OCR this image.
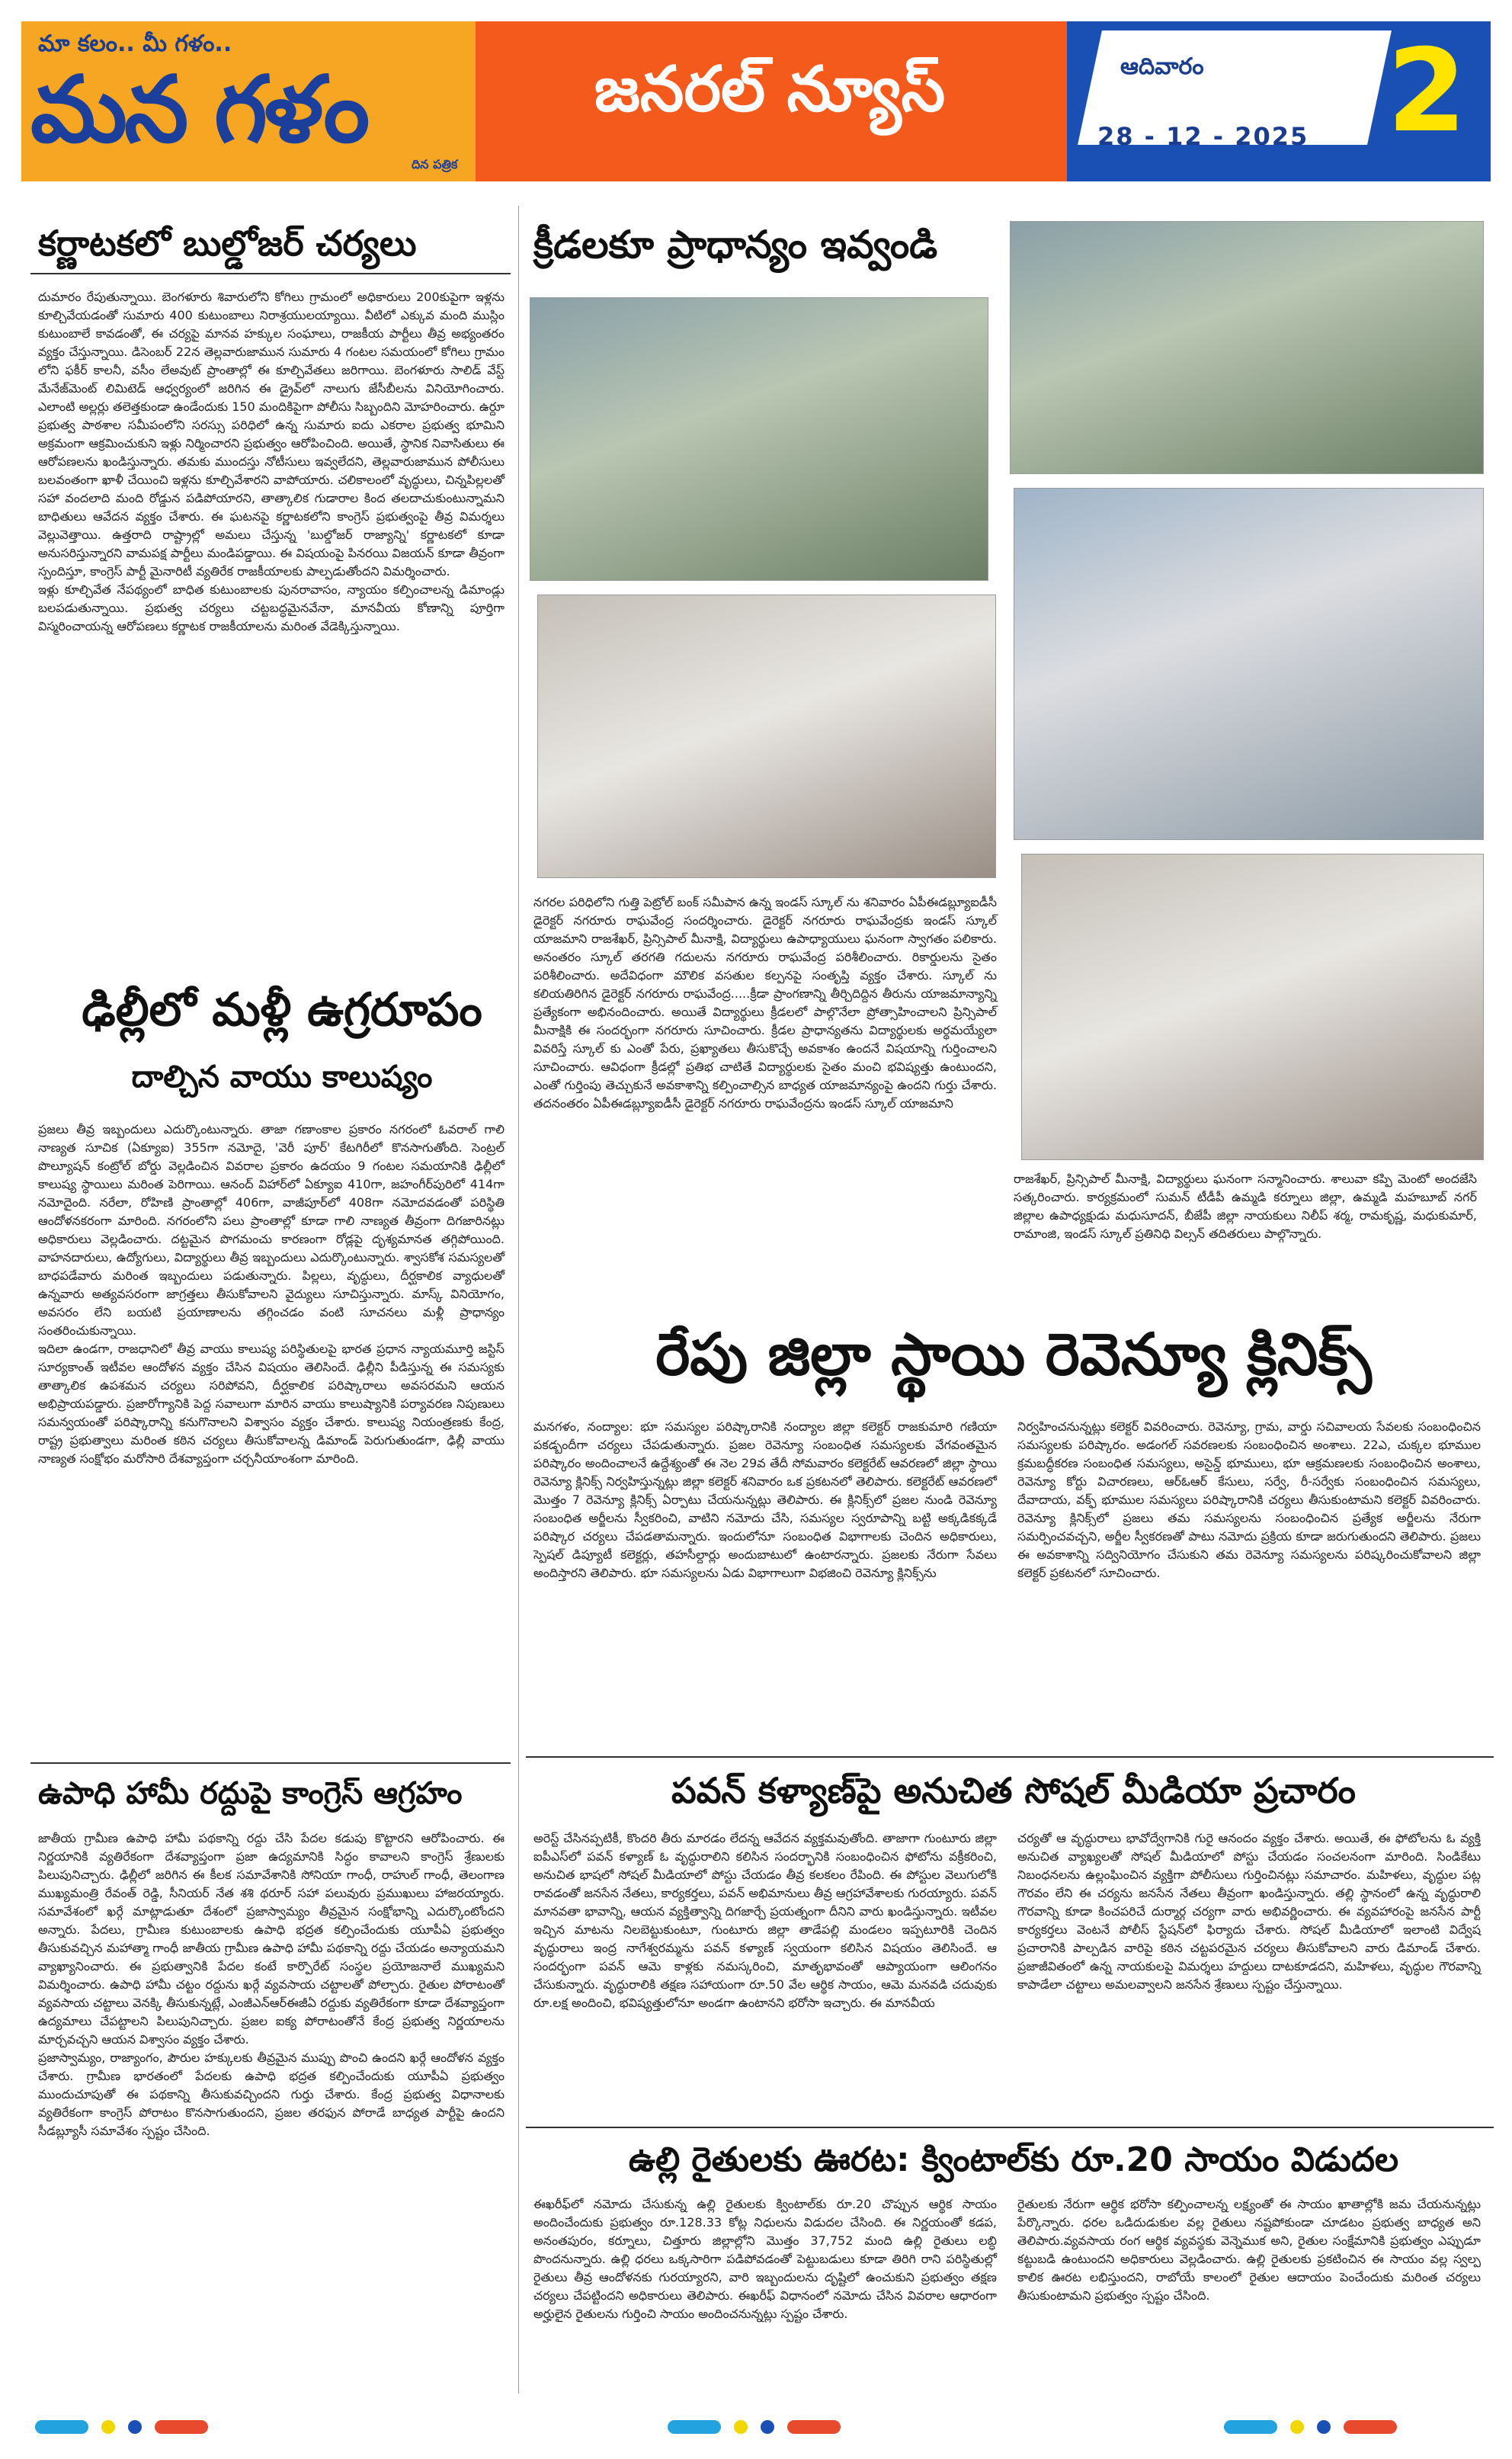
మా కలం.. మీ గళం..
మన గళం
దిన పత్రిక
జనరల్ న్యూస్	ఆదివారం
28 - 12 - 2025 2
కర్ణాటకలో బుల్డోజర్ చర్యలు
దుమారం రేపుతున్నాయి. బెంగళూరు శివారులోని కోగిలు గ్రామంలో అధికారులు 200కుపైగా ఇళ్లను కూల్చివేయడంతో సుమారు 400 కుటుంబాలు నిరాశ్రయులయ్యాయి. వీటిలో ఎక్కువ మంది ముస్లిం కుటుంబాలే కావడంతో, ఈ చర్యపై మానవ హక్కుల సంఘాలు, రాజకీయ పార్టీలు తీవ్ర అభ్యంతరం వ్యక్తం చేస్తున్నాయి. డిసెంబర్ 22న తెల్లవారుజామున సుమారు 4 గంటల సమయంలో కోగిలు గ్రామం లోని ఫకీర్ కాలనీ, వసీం లేఅవుట్ ప్రాంతాల్లో ఈ కూల్చివేతలు జరిగాయి. బెంగళూరు సాలిడ్ వేస్ట్ మేనేజ్‌మెంట్ లిమిటెడ్ ఆధ్వర్యంలో జరిగిన ఈ డ్రైవ్‌లో నాలుగు జేసీబీలను వినియోగించారు. ఎలాంటి అల్లర్లు తలెత్తకుండా ఉండేందుకు 150 మందికిపైగా పోలీసు సిబ్బందిని మోహరించారు. ఉర్దూ ప్రభుత్వ పాఠశాల సమీపంలోని సరస్సు పరిధిలో ఉన్న సుమారు ఐదు ఎకరాల ప్రభుత్వ భూమిని అక్రమంగా ఆక్రమించుకుని ఇళ్లు నిర్మించారని ప్రభుత్వం ఆరోపించింది. అయితే, స్థానిక నివాసితులు ఈ ఆరోపణలను ఖండిస్తున్నారు. తమకు ముందస్తు నోటీసులు ఇవ్వలేదని, తెల్లవారుజామున పోలీసులు బలవంతంగా ఖాళీ చేయించి ఇళ్లను కూల్చివేశారని వాపోయారు. చలికాలంలో వృద్ధులు, చిన్నపిల్లలతో సహా వందలాది మంది రోడ్డున పడిపోయారని, తాత్కాలిక గుడారాల కింద తలదాచుకుంటున్నామని బాధితులు ఆవేదన వ్యక్తం చేశారు. ఈ ఘటనపై కర్ణాటకలోని కాంగ్రెస్ ప్రభుత్వంపై తీవ్ర విమర్శలు వెల్లువెత్తాయి. ఉత్తరాది రాష్ట్రాల్లో అమలు చేస్తున్న 'బుల్డోజర్ రాజ్యాన్ని' కర్ణాటకలో కూడా అనుసరిస్తున్నారని వామపక్ష పార్టీలు మండిపడ్డాయి. ఈ విషయంపై పినరయి విజయన్ కూడా తీవ్రంగా స్పందిస్తూ, కాంగ్రెస్ పార్టీ మైనారిటీ వ్యతిరేక రాజకీయాలకు పాల్పడుతోందని విమర్శించారు.
ఇళ్లు కూల్చివేత నేపథ్యంలో బాధిత కుటుంబాలకు పునరావాసం, న్యాయం కల్పించాలన్న డిమాండ్లు బలపడుతున్నాయి. ప్రభుత్వ చర్యలు చట్టబద్ధమైనవేనా, మానవీయ కోణాన్ని పూర్తిగా విస్మరించాయన్న ఆరోపణలు కర్ణాటక రాజకీయాలను మరింత వేడెక్కిస్తున్నాయి.
ఢిల్లీలో మళ్లీ ఉగ్రరూపం
దాల్చిన వాయు కాలుష్యం
ప్రజలు తీవ్ర ఇబ్బందులు ఎదుర్కొంటున్నారు. తాజా గణాంకాల ప్రకారం నగరంలో ఓవరాల్ గాలి నాణ్యత సూచిక (ఏక్యూఐ) 355గా నమోదై, 'వెరీ పూర్' కేటగిరీలో కొనసాగుతోంది. సెంట్రల్ పొల్యూషన్ కంట్రోల్ బోర్డు వెల్లడించిన వివరాల ప్రకారం ఉదయం 9 గంటల సమయానికి ఢిల్లీలో కాలుష్య స్థాయిలు మరింత పెరిగాయి. ఆనంద్ విహార్‌లో ఏక్యూఐ 410గా, జహంగీర్‌పురిలో 414గా నమోదైంది. నరేలా, రోహిణి ప్రాంతాల్లో 406గా, వాజీపూర్‌లో 408గా నమోదవడంతో పరిస్థితి ఆందోళనకరంగా మారింది. నగరంలోని పలు ప్రాంతాల్లో కూడా గాలి నాణ్యత తీవ్రంగా దిగజారినట్లు అధికారులు వెల్లడించారు. దట్టమైన పొగమంచు కారణంగా రోడ్లపై దృశ్యమానత తగ్గిపోయింది. వాహనదారులు, ఉద్యోగులు, విద్యార్థులు తీవ్ర ఇబ్బందులు ఎదుర్కొంటున్నారు. శ్వాసకోశ సమస్యలతో బాధపడేవారు మరింత ఇబ్బందులు పడుతున్నారు. పిల్లలు, వృద్ధులు, దీర్ఘకాలిక వ్యాధులతో ఉన్నవారు అత్యవసరంగా జాగ్రత్తలు తీసుకోవాలని వైద్యులు సూచిస్తున్నారు. మాస్క్ వినియోగం, అవసరం లేని బయటి ప్రయాణాలను తగ్గించడం వంటి సూచనలు మళ్లీ ప్రాధాన్యం సంతరించుకున్నాయి.
ఇదిలా ఉండగా, రాజధానిలో తీవ్ర వాయు కాలుష్య పరిస్థితులపై భారత ప్రధాన న్యాయమూర్తి జస్టిస్ సూర్యకాంత్ ఇటీవల ఆందోళన వ్యక్తం చేసిన విషయం తెలిసిందే. ఢిల్లీని పీడిస్తున్న ఈ సమస్యకు తాత్కాలిక ఉపశమన చర్యలు సరిపోవని, దీర్ఘకాలిక పరిష్కారాలు అవసరమని ఆయన అభిప్రాయపడ్డారు. ప్రజారోగ్యానికి పెద్ద సవాలుగా మారిన వాయు కాలుష్యానికి పర్యావరణ నిపుణులు సమన్వయంతో పరిష్కారాన్ని కనుగొనాలని విశ్వాసం వ్యక్తం చేశారు. కాలుష్య నియంత్రణకు కేంద్ర, రాష్ట్ర ప్రభుత్వాలు మరింత కఠిన చర్యలు తీసుకోవాలన్న డిమాండ్ పెరుగుతుండగా, ఢిల్లీ వాయు నాణ్యత సంక్షోభం మరోసారి దేశవ్యాప్తంగా చర్చనీయాంశంగా మారింది.
ఉపాధి హామీ రద్దుపై కాంగ్రెస్ ఆగ్రహం
జాతీయ గ్రామీణ ఉపాధి హామీ పథకాన్ని రద్దు చేసి పేదల కడుపు కొట్టారని ఆరోపించారు. ఈ నిర్ణయానికి వ్యతిరేకంగా దేశవ్యాప్తంగా ప్రజా ఉద్యమానికి సిద్ధం కావాలని కాంగ్రెస్ శ్రేణులకు పిలుపునిచ్చారు. ఢిల్లీలో జరిగిన ఈ కీలక సమావేశానికి సోనియా గాంధీ, రాహుల్ గాంధీ, తెలంగాణ ముఖ్యమంత్రి రేవంత్ రెడ్డి, సీనియర్ నేత శశి థరూర్ సహా పలువురు ప్రముఖులు హాజరయ్యారు. సమావేశంలో ఖర్గే మాట్లాడుతూ దేశంలో ప్రజాస్వామ్యం తీవ్రమైన సంక్షోభాన్ని ఎదుర్కొంటోందని అన్నారు. పేదలు, గ్రామీణ కుటుంబాలకు ఉపాధి భద్రత కల్పించేందుకు యూపీఏ ప్రభుత్వం తీసుకువచ్చిన మహాత్మా గాంధీ జాతీయ గ్రామీణ ఉపాధి హామీ పథకాన్ని రద్దు చేయడం అన్యాయమని వ్యాఖ్యానించారు. ఈ ప్రభుత్వానికి పేదల కంటే కార్పొరేట్ సంస్థల ప్రయోజనాలే ముఖ్యమని విమర్శించారు. ఉపాధి హామీ చట్టం రద్దును ఖర్గే వ్యవసాయ చట్టాలతో పోల్చారు. రైతుల పోరాటంతో వ్యవసాయ చట్టాలు వెనక్కి తీసుకున్నట్లే, ఎంజీఎన్ఆర్ఈజీఏ రద్దుకు వ్యతిరేకంగా కూడా దేశవ్యాప్తంగా ఉద్యమాలు చేపట్టాలని పిలుపునిచ్చారు. ప్రజల ఐక్య పోరాటంతోనే కేంద్ర ప్రభుత్వ నిర్ణయాలను మార్చవచ్చని ఆయన విశ్వాసం వ్యక్తం చేశారు.
ప్రజాస్వామ్యం, రాజ్యాంగం, పౌరుల హక్కులకు తీవ్రమైన ముప్పు పొంచి ఉందని ఖర్గే ఆందోళన వ్యక్తం చేశారు. గ్రామీణ భారతంలో పేదలకు ఉపాధి భద్రత కల్పించేందుకు యూపీఏ ప్రభుత్వం ముందుచూపుతో ఈ పథకాన్ని తీసుకువచ్చిందని గుర్తు చేశారు. కేంద్ర ప్రభుత్వ విధానాలకు వ్యతిరేకంగా కాంగ్రెస్ పోరాటం కొనసాగుతుందని, ప్రజల తరఫున పోరాడే బాధ్యత పార్టీపై ఉందని సీడబ్ల్యూసీ సమావేశం స్పష్టం చేసింది.
క్రీడలకూ ప్రాధాన్యం ఇవ్వండి
నగరల పరిధిలోని గుత్తి పెట్రోల్ బంక్ సమీపాన ఉన్న ఇండస్ స్కూల్ ను శనివారం ఏపీఈడబ్ల్యూఐడీసీ డైరెక్టర్ నగరూరు రాఘవేంద్ర సందర్శించారు. డైరెక్టర్ నగరూరు రాఘవేంద్రకు ఇండస్ స్కూల్ యాజమాని రాజశేఖర్, ప్రిన్సిపాల్ మీనాక్షి, విద్యార్థులు ఉపాధ్యాయులు ఘనంగా స్వాగతం పలికారు. అనంతరం స్కూల్ తరగతి గదులను నగరూరు రాఘవేంద్ర పరిశీలించారు. రికార్డులను సైతం పరిశీలించారు. అదేవిధంగా మౌలిక వసతుల కల్పనపై సంతృప్తి వ్యక్తం చేశారు. స్కూల్ ను కలియతిరిగిన డైరెక్టర్ నగరూరు రాఘవేంద్ర.....క్రీడా ప్రాంగణాన్ని తీర్చిదిద్దిన తీరును యాజమాన్యాన్ని ప్రత్యేకంగా అభినందించారు. అయితే విద్యార్థులు క్రీడలలో పాల్గొనేలా ప్రోత్సాహించాలని ప్రిన్సిపాల్ మీనాక్షికి ఈ సందర్భంగా నగరూరు సూచించారు. క్రీడల ప్రాధాన్యతను విద్యార్థులకు అర్థమయ్యేలా వివరిస్తే స్కూల్ కు ఎంతో పేరు, ప్రఖ్యాతలు తీసుకొచ్చే అవకాశం ఉందనే విషయాన్ని గుర్తించాలని సూచించారు. ఆవిధంగా క్రీడల్లో ప్రతిభ చాటితే విద్యార్థులకు సైతం మంచి భవిష్యత్తు ఉంటుందని, ఎంతో గుర్తింపు తెచ్చుకునే అవకాశాన్ని కల్పించాల్సిన బాధ్యత యాజమాన్యంపై ఉందని గుర్తు చేశారు. తదనంతరం ఏపీఈడబ్ల్యూఐడీసీ డైరెక్టర్ నగరూరు రాఘవేంద్రను ఇండస్ స్కూల్ యాజమాని
రాజశేఖర్, ప్రిన్సిపాల్ మీనాక్షి, విద్యార్థులు ఘనంగా సన్మానించారు. శాలువా కప్పి మెంటో అందజేసి సత్కరించారు. కార్యక్రమంలో సుమన్ టీడీపీ ఉమ్మడి కర్నూలు జిల్లా, ఉమ్మడి మహబూబ్ నగర్ జిల్లాల ఉపాధ్యక్షుడు మధుసూదన్, బీజేపీ జిల్లా నాయకులు నిలీప్ శర్మ, రామకృష్ణ, మధుకుమార్, రామాంజి, ఇండస్ స్కూల్ ప్రతినిధి విల్సన్ తదితరులు పాల్గొన్నారు.
రేపు జిల్లా స్థాయి రెవెన్యూ క్లినిక్స్
మనగళం, నంద్యాల: భూ సమస్యల పరిష్కారానికి నంద్యాల జిల్లా కలెక్టర్ రాజకుమారి గణియా పకడ్బందీగా చర్యలు చేపడుతున్నారు. ప్రజల రెవెన్యూ సంబంధిత సమస్యలకు వేగవంతమైన పరిష్కారం అందించాలనే ఉద్దేశ్యంతో ఈ నెల 29వ తేదీ సోమవారం కలెక్టరేట్ ఆవరణలో జిల్లా స్థాయి రెవెన్యూ క్లినిక్స్ నిర్వహిస్తున్నట్లు జిల్లా కలెక్టర్ శనివారం ఒక ప్రకటనలో తెలిపారు. కలెక్టరేట్ ఆవరణలో మొత్తం 7 రెవెన్యూ క్లినిక్స్ ఏర్పాటు చేయనున్నట్లు తెలిపారు. ఈ క్లినిక్స్‌లో ప్రజల నుండి రెవెన్యూ సంబంధిత అర్జీలను స్వీకరించి, వాటిని నమోదు చేసి, సమస్యల స్వరూపాన్ని బట్టి అక్కడికక్కడే పరిష్కార చర్యలు చేపడతామన్నారు. ఇందులోనూ సంబంధిత విభాగాలకు చెందిన అధికారులు, స్పెషల్ డిప్యూటీ కలెక్టర్లు, తహసీల్దార్లు అందుబాటులో ఉంటారన్నారు. ప్రజలకు నేరుగా సేవలు అందిస్తారని తెలిపారు. భూ సమస్యలను ఏడు విభాగాలుగా విభజించి రెవెన్యూ క్లినిక్స్‌ను
నిర్వహించనున్నట్లు కలెక్టర్ వివరించారు. రెవెన్యూ, గ్రామ, వార్డు సచివాలయ సేవలకు సంబంధించిన సమస్యలకు పరిష్కారం. అడంగల్ సవరణలకు సంబంధించిన అంశాలు. 22ఎ, చుక్కల భూముల క్రమబద్ధీకరణ సంబంధిత సమస్యలు, అసైన్డ్ భూములు, భూ ఆక్రమణలకు సంబంధించిన అంశాలు, రెవెన్యూ కోర్టు విచారణలు, ఆర్ఓఆర్ కేసులు, సర్వే, రీ-సర్వేకు సంబంధించిన సమస్యలు, దేవాదాయ, వక్ఫ్ భూముల సమస్యలు పరిష్కారానికి చర్యలు తీసుకుంటామని కలెక్టర్ వివరించారు. రెవెన్యూ క్లినిక్స్‌లో ప్రజలు తమ సమస్యలను సంబంధించిన ప్రత్యేక అర్జీలను నేరుగా సమర్పించవచ్చని, అర్జీల స్వీకరణతో పాటు నమోదు ప్రక్రియ కూడా జరుగుతుందని తెలిపారు. ప్రజలు ఈ అవకాశాన్ని సద్వినియోగం చేసుకుని తమ రెవెన్యూ సమస్యలను పరిష్కరించుకోవాలని జిల్లా కలెక్టర్ ప్రకటనలో సూచించారు.
పవన్ కళ్యాణ్‌పై అనుచిత సోషల్ మీడియా ప్రచారం
అరెస్ట్ చేసినప్పటికీ, కొందరి తీరు మారడం లేదన్న ఆవేదన వ్యక్తమవుతోంది. తాజాగా గుంటూరు జిల్లా ఐపీఎస్‌లో పవన్ కళ్యాణ్ ఓ వృద్ధురాలిని కలిసిన సందర్భానికి సంబంధించిన ఫోటోను వక్రీకరించి, అనుచిత భాషలో సోషల్ మీడియాలో పోస్టు చేయడం తీవ్ర కలకలం రేపింది. ఈ పోస్టుల వెలుగులోకి రావడంతో జనసేన నేతలు, కార్యకర్తలు, పవన్ అభిమానులు తీవ్ర ఆగ్రహావేశాలకు గురయ్యారు. పవన్ మానవతా భావాన్ని, ఆయన వ్యక్తిత్వాన్ని దిగజార్చే ప్రయత్నంగా దీనిని వారు ఖండిస్తున్నారు. ఇటీవల ఇచ్చిన మాటను నిలబెట్టుకుంటూ, గుంటూరు జిల్లా తాడేపల్లి మండలం ఇప్పటూరికి చెందిన వృద్ధురాలు ఇంద్ర నాగేశ్వరమ్మను పవన్ కళ్యాణ్ స్వయంగా కలిసిన విషయం తెలిసిందే. ఆ సందర్భంగా పవన్ ఆమె కాళ్లకు నమస్కరించి, మాతృభావంతో ఆప్యాయంగా ఆలింగనం చేసుకున్నారు. వృద్ధురాలికి తక్షణ సహాయంగా రూ.50 వేల ఆర్థిక సాయం, ఆమె మనవడి చదువుకు రూ.లక్ష అందించి, భవిష్యత్తులోనూ అండగా ఉంటానని భరోసా ఇచ్చారు. ఈ మానవీయ
చర్యతో ఆ వృద్ధురాలు భావోద్వేగానికి గురై ఆనందం వ్యక్తం చేశారు. అయితే, ఈ ఫోటోలను ఓ వ్యక్తి అనుచిత వ్యాఖ్యలతో సోషల్ మీడియాలో పోస్టు చేయడం సంచలనంగా మారింది. సిండికేటు నిబంధనలను ఉల్లంఘించిన వ్యక్తిగా పోలీసులు గుర్తించినట్లు సమాచారం. మహిళలు, వృద్ధుల పట్ల గౌరవం లేని ఈ చర్యను జనసేన నేతలు తీవ్రంగా ఖండిస్తున్నారు. తల్లి స్థానంలో ఉన్న వృద్ధురాలి గౌరవాన్ని కూడా కించపరిచే దుర్మార్గ చర్యగా వారు అభివర్ణించారు. ఈ వ్యవహారంపై జనసేన పార్టీ కార్యకర్తలు వెంటనే పోలీస్ స్టేషన్‌లో ఫిర్యాదు చేశారు. సోషల్ మీడియాలో ఇలాంటి విద్వేష ప్రచారానికి పాల్పడిన వారిపై కఠిన చట్టపరమైన చర్యలు తీసుకోవాలని వారు డిమాండ్ చేశారు. ప్రజాజీవితంలో ఉన్న నాయకులపై విమర్శలు హద్దులు దాటకూడదని, మహిళలు, వృద్ధుల గౌరవాన్ని కాపాడేలా చట్టాలు అమలవ్వాలని జనసేన శ్రేణులు స్పష్టం చేస్తున్నాయి.
ఉల్లి రైతులకు ఊరట: క్వింటాల్‌కు రూ.20 సాయం విడుదల
ఈఖరీఫ్‌లో నమోదు చేసుకున్న ఉల్లి రైతులకు క్వింటాల్‌కు రూ.20 చొప్పున ఆర్థిక సాయం అందించేందుకు ప్రభుత్వం రూ.128.33 కోట్ల నిధులను విడుదల చేసింది. ఈ నిర్ణయంతో కడప, అనంతపురం, కర్నూలు, చిత్తూరు జిల్లాల్లోని మొత్తం 37,752 మంది ఉల్లి రైతులు లబ్ధి పొందనున్నారు. ఉల్లి ధరలు ఒక్కసారిగా పడిపోవడంతో పెట్టుబడులు కూడా తిరిగి రాని పరిస్థితుల్లో రైతులు తీవ్ర ఆందోళనకు గురయ్యారని, వారి ఇబ్బందులను దృష్టిలో ఉంచుకుని ప్రభుత్వం తక్షణ చర్యలు చేపట్టిందని అధికారులు తెలిపారు. ఈఖరీఫ్ విధానంలో నమోదు చేసిన వివరాల ఆధారంగా అర్హులైన రైతులను గుర్తించి సాయం అందించనున్నట్లు స్పష్టం చేశారు.
రైతులకు నేరుగా ఆర్థిక భరోసా కల్పించాలన్న లక్ష్యంతో ఈ సాయం ఖాతాల్లోకి జమ చేయనున్నట్లు పేర్కొన్నారు. ధరల ఒడిదుడుకుల వల్ల రైతులు నష్టపోకుండా చూడటం ప్రభుత్వ బాధ్యత అని తెలిపారు.వ్యవసాయ రంగ ఆర్థిక వ్యవస్థకు వెన్నెముక అని, రైతుల సంక్షేమానికి ప్రభుత్వం ఎప్పుడూ కట్టుబడి ఉంటుందని అధికారులు వెల్లడించారు. ఉల్లి రైతులకు ప్రకటించిన ఈ సాయం వల్ల స్వల్ప కాలిక ఊరట లభిస్తుందని, రాబోయే కాలంలో రైతుల ఆదాయం పెంచేందుకు మరింత చర్యలు తీసుకుంటామని ప్రభుత్వం స్పష్టం చేసింది.
